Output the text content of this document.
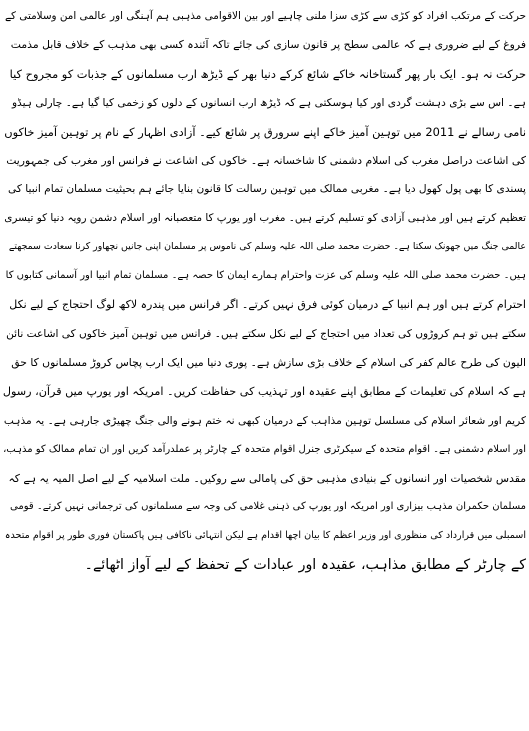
حرکت کے مرتکب افراد کو کڑی سے کڑی سزا ملنی چاہیے اور بین الاقوامی مذہبی ہم آہنگی اور عالمی امن وسلامتی کے
فروغ کے لیے ضروری ہے کہ عالمی سطح پر قانون سازی کی جائے تاکہ آئندہ کسی بھی مذہب کے خلاف قابل مذمت
حرکت نہ ہو۔ ایک بار پھر گستاخانہ خاکے شائع کرکے دنیا بھر کے ڈیڑھ ارب مسلمانوں کے جذبات کو مجروح کیا
ہے۔ اس سے بڑی دہشت گردی اور کیا ہوسکتی ہے کہ ڈیڑھ ارب انسانوں کے دلوں کو زخمی کیا گیا ہے۔ چارلی ہیڈو
نامی رسالے نے 2011 میں توہین آمیز خاکے اپنے سرورق پر شائع کیے۔ آزادی اظہار کے نام پر توہین آمیز خاکوں
کی اشاعت دراصل مغرب کی اسلام دشمنی کا شاخسانہ ہے۔ خاکوں کی اشاعت نے فرانس اور مغرب کی جمہوریت
پسندی کا بھی پول کھول دیا ہے۔ مغربی ممالک میں توہین رسالت کا قانون بنایا جائے ہم بحیثیت مسلمان تمام انبیا کی
تعظیم کرتے ہیں اور مذہبی آزادی کو تسلیم کرتے ہیں۔ مغرب اور یورپ کا متعصبانہ اور اسلام دشمن رویہ دنیا کو تیسری
عالمی جنگ میں جھونک سکتا ہے۔ حضرت محمد صلی اللہ علیہ وسلم کی ناموس پر مسلمان اپنی جانیں نچھاور کرنا سعادت سمجھتے
ہیں۔ حضرت محمد صلی اللہ علیہ وسلم کی عزت واحترام ہمارے ایمان کا حصہ ہے۔ مسلمان تمام انبیا اور آسمانی کتابوں کا
احترام کرتے ہیں اور ہم انبیا کے درمیان کوئی فرق نہیں کرتے۔ اگر فرانس میں پندرہ لاکھ لوگ احتجاج کے لیے نکل
سکتے ہیں تو ہم کروڑوں کی تعداد میں احتجاج کے لیے نکل سکتے ہیں۔ فرانس میں توہین آمیز خاکوں کی اشاعت نائن
الیون کی طرح عالم کفر کی اسلام کے خلاف بڑی سازش ہے۔ پوری دنیا میں ایک ارب پچاس کروڑ مسلمانوں کا حق
ہے کہ اسلام کی تعلیمات کے مطابق اپنے عقیدہ اور تہذیب کی حفاظت کریں۔ امریکہ اور یورپ میں قرآن، رسول
کریم اور شعائر اسلام کی مسلسل توہین مذاہب کے درمیان کبھی نہ ختم ہونے والی جنگ چھیڑی جارہی ہے۔ یہ مذہب
اور اسلام دشمنی ہے۔ اقوام متحدہ کے سیکرٹری جنرل اقوام متحدہ کے چارٹر پر عملدرآمد کریں اور ان تمام ممالک کو مذہب،
مقدس شخصیات اور انسانوں کے بنیادی مذہبی حق کی پامالی سے روکیں۔ ملت اسلامیہ کے لیے اصل المیہ یہ ہے کہ
مسلمان حکمران مذہب بیزاری اور امریکہ اور یورپ کی ذہنی غلامی کی وجہ سے مسلمانوں کی ترجمانی نہیں کرتے۔ قومی
اسمبلی میں قرارداد کی منظوری اور وزیر اعظم کا بیان اچھا اقدام ہے لیکن انتہائی ناکافی ہیں پاکستان فوری طور پر اقوام متحدہ
کے چارٹر کے مطابق مذاہب، عقیدہ اور عبادات کے تحفظ کے لیے آواز اٹھائے۔
